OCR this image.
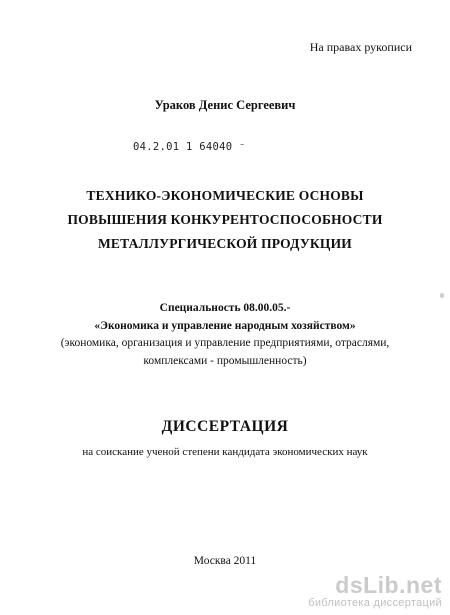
На правах рукописи
Ураков Денис Сергеевич
04.2.01 1 64040 ⁻
ТЕХНИКО-ЭКОНОМИЧЕСКИЕ ОСНОВЫ
ПОВЫШЕНИЯ КОНКУРЕНТОСПОСОБНОСТИ
МЕТАЛЛУРГИЧЕСКОЙ ПРОДУКЦИИ
Специальность 08.00.05.-
«Экономика и управление народным хозяйством»
(экономика, организация и управление предприятиями, отраслями,
комплексами - промышленность)
ДИССЕРТАЦИЯ
на соискание ученой степени кандидата экономических наук
Москва 2011
dsLib.net
библиотека диссертаций
